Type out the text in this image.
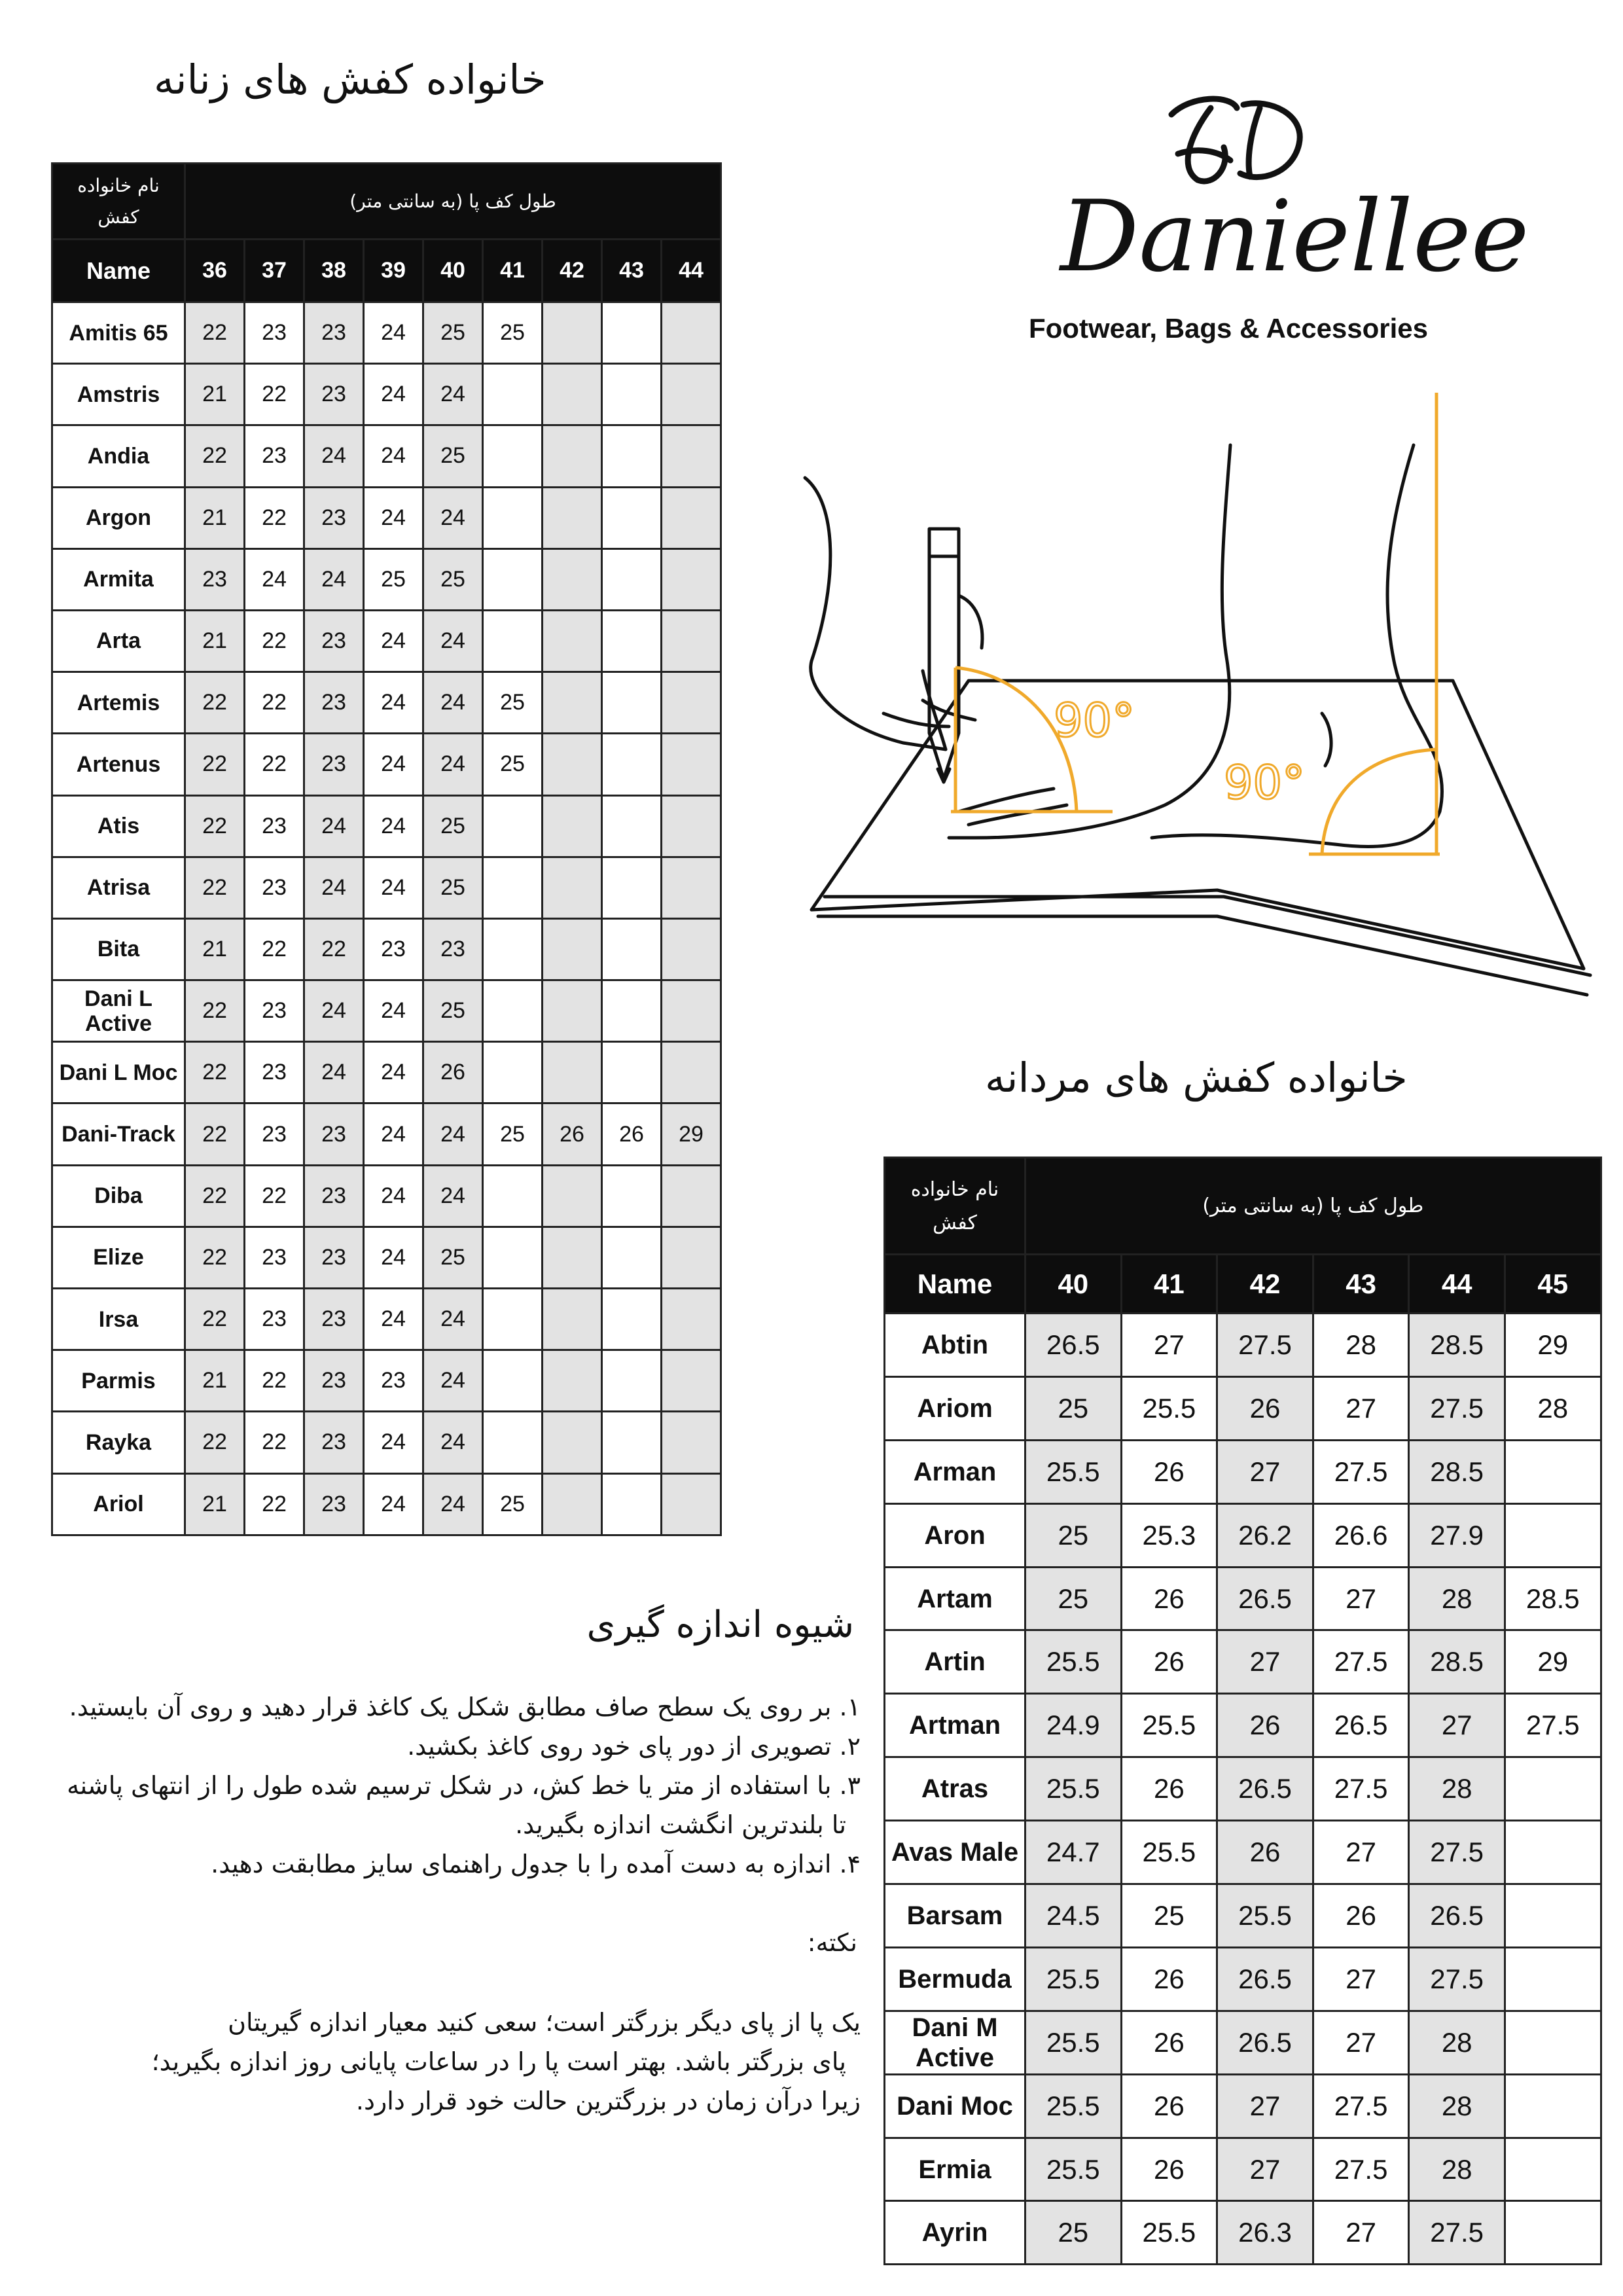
خانواده کفش های زنانه
نام خانواده کفش	طول کف پا (به سانتی متر)								
Name	36	37	38	39	40	41	42	43	44
Amitis 65	22	23	23	24	25	25			
Amstris	21	22	23	24	24				
Andia	22	23	24	24	25				
Argon	21	22	23	24	24				
Armita	23	24	24	25	25				
Arta	21	22	23	24	24				
Artemis	22	22	23	24	24	25			
Artenus	22	22	23	24	24	25			
Atis	22	23	24	24	25				
Atrisa	22	23	24	24	25				
Bita	21	22	22	23	23				
Dani L Active	22	23	24	24	25				
Dani L Moc	22	23	24	24	26				
Dani-Track	22	23	23	24	24	25	26	26	29
Diba	22	22	23	24	24				
Elize	22	23	23	24	25				
Irsa	22	23	23	24	24				
Parmis	21	22	23	23	24				
Rayka	22	22	23	24	24				
Ariol	21	22	23	24	24	25			
خانواده کفش های مردانه
نام خانواده کفش	طول کف پا (به سانتی متر)					
Name	40	41	42	43	44	45
Abtin	26.5	27	27.5	28	28.5	29
Ariom	25	25.5	26	27	27.5	28
Arman	25.5	26	27	27.5	28.5	
Aron	25	25.3	26.2	26.6	27.9	
Artam	25	26	26.5	27	28	28.5
Artin	25.5	26	27	27.5	28.5	29
Artman	24.9	25.5	26	26.5	27	27.5
Atras	25.5	26	26.5	27.5	28	
Avas Male	24.7	25.5	26	27	27.5	
Barsam	24.5	25	25.5	26	26.5	
Bermuda	25.5	26	26.5	27	27.5	
Dani M Active	25.5	26	26.5	27	28	
Dani Moc	25.5	26	27	27.5	28	
Ermia	25.5	26	27	27.5	28	
Ayrin	25	25.5	26.3	27	27.5	
Daniellee
Footwear, Bags & Accessories
90°
90°
شیوه اندازه گیری
۱. بر روی یک سطح صاف مطابق شکل یک کاغذ قرار دهید و روی آن بایستید.
۲. تصویری از دور پای خود روی کاغذ بکشید.
۳. با استفاده از متر یا خط کش، در شکل ترسیم شده طول را از انتهای پاشنه
تا بلندترین انگشت اندازه بگیرید.
۴. اندازه به دست آمده را با جدول راهنمای سایز مطابقت دهید.
نکته:
یک پا از پای دیگر بزرگتر است؛ سعی کنید معیار اندازه گیریتان
پای بزرگتر باشد. بهتر است پا را در ساعات پایانی روز اندازه بگیرید؛
زیرا درآن زمان در بزرگترین حالت خود قرار دارد.
